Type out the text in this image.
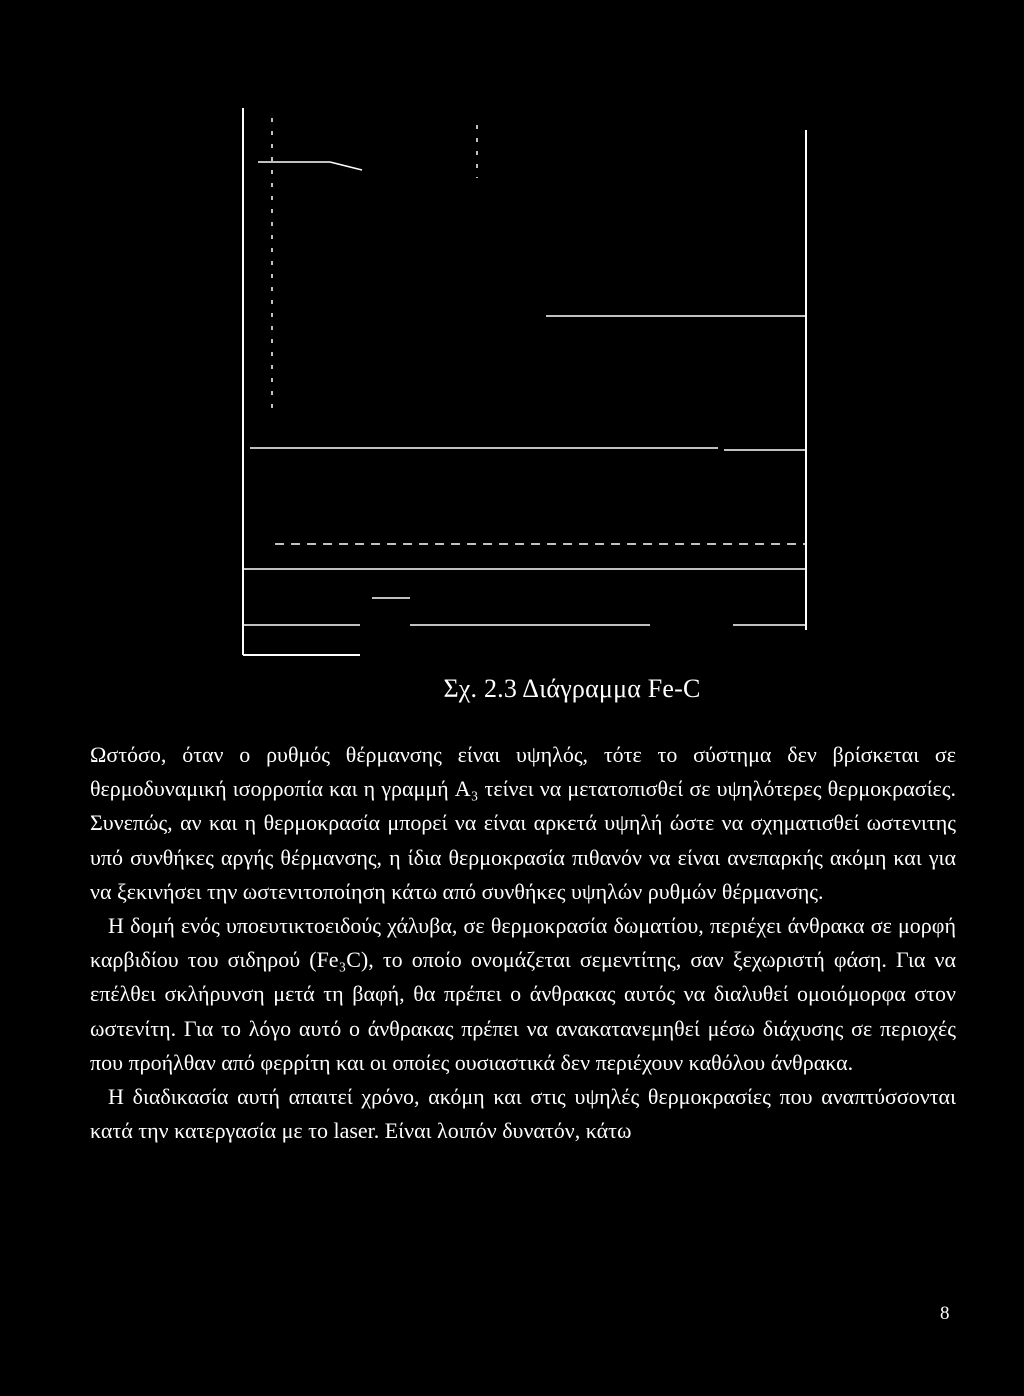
Σχ. 2.3 Διάγραμμα Fe-C

Ωστόσο, όταν ο ρυθμός θέρμανσης είναι υψηλός, τότε το σύστημα δεν βρίσκεται σε θερμοδυναμική ισορροπία και η γραμμή A₃ τείνει να μετατοπισθεί σε υψηλότερες θερμοκρασίες. Συνεπώς, αν και η θερμοκρασία μπορεί να είναι αρκετά υψηλή ώστε να σχηματισθεί ωστενιτης υπό συνθήκες αργής θέρμανσης, η ίδια θερμοκρασία πιθανόν να είναι ανεπαρκής ακόμη και για να ξεκινήσει την ωστενιτοποίηση κάτω από συνθήκες υψηλών ρυθμών θέρμανσης.

Η δομή ενός υποευτικτοειδούς χάλυβα, σε θερμοκρασία δωματίου, περιέχει άνθρακα σε μορφή καρβιδίου του σιδηρού (Fe₃C), το οποίο ονομάζεται σεμεντίτης, σαν ξεχωριστή φάση. Για να επέλθει σκλήρυνση μετά τη βαφή, θα πρέπει ο άνθρακας αυτός να διαλυθεί ομοιόμορφα στον ωστενίτη. Για το λόγο αυτό ο άνθρακας πρέπει να ανακατανεμηθεί μέσω διάχυσης σε περιοχές που προήλθαν από φερρίτη και οι οποίες ουσιαστικά δεν περιέχουν καθόλου άνθρακα.

Η διαδικασία αυτή απαιτεί χρόνο, ακόμη και στις υψηλές θερμοκρασίες που αναπτύσσονται κατά την κατεργασία με το laser. Είναι λοιπόν δυνατόν, κάτω

8
